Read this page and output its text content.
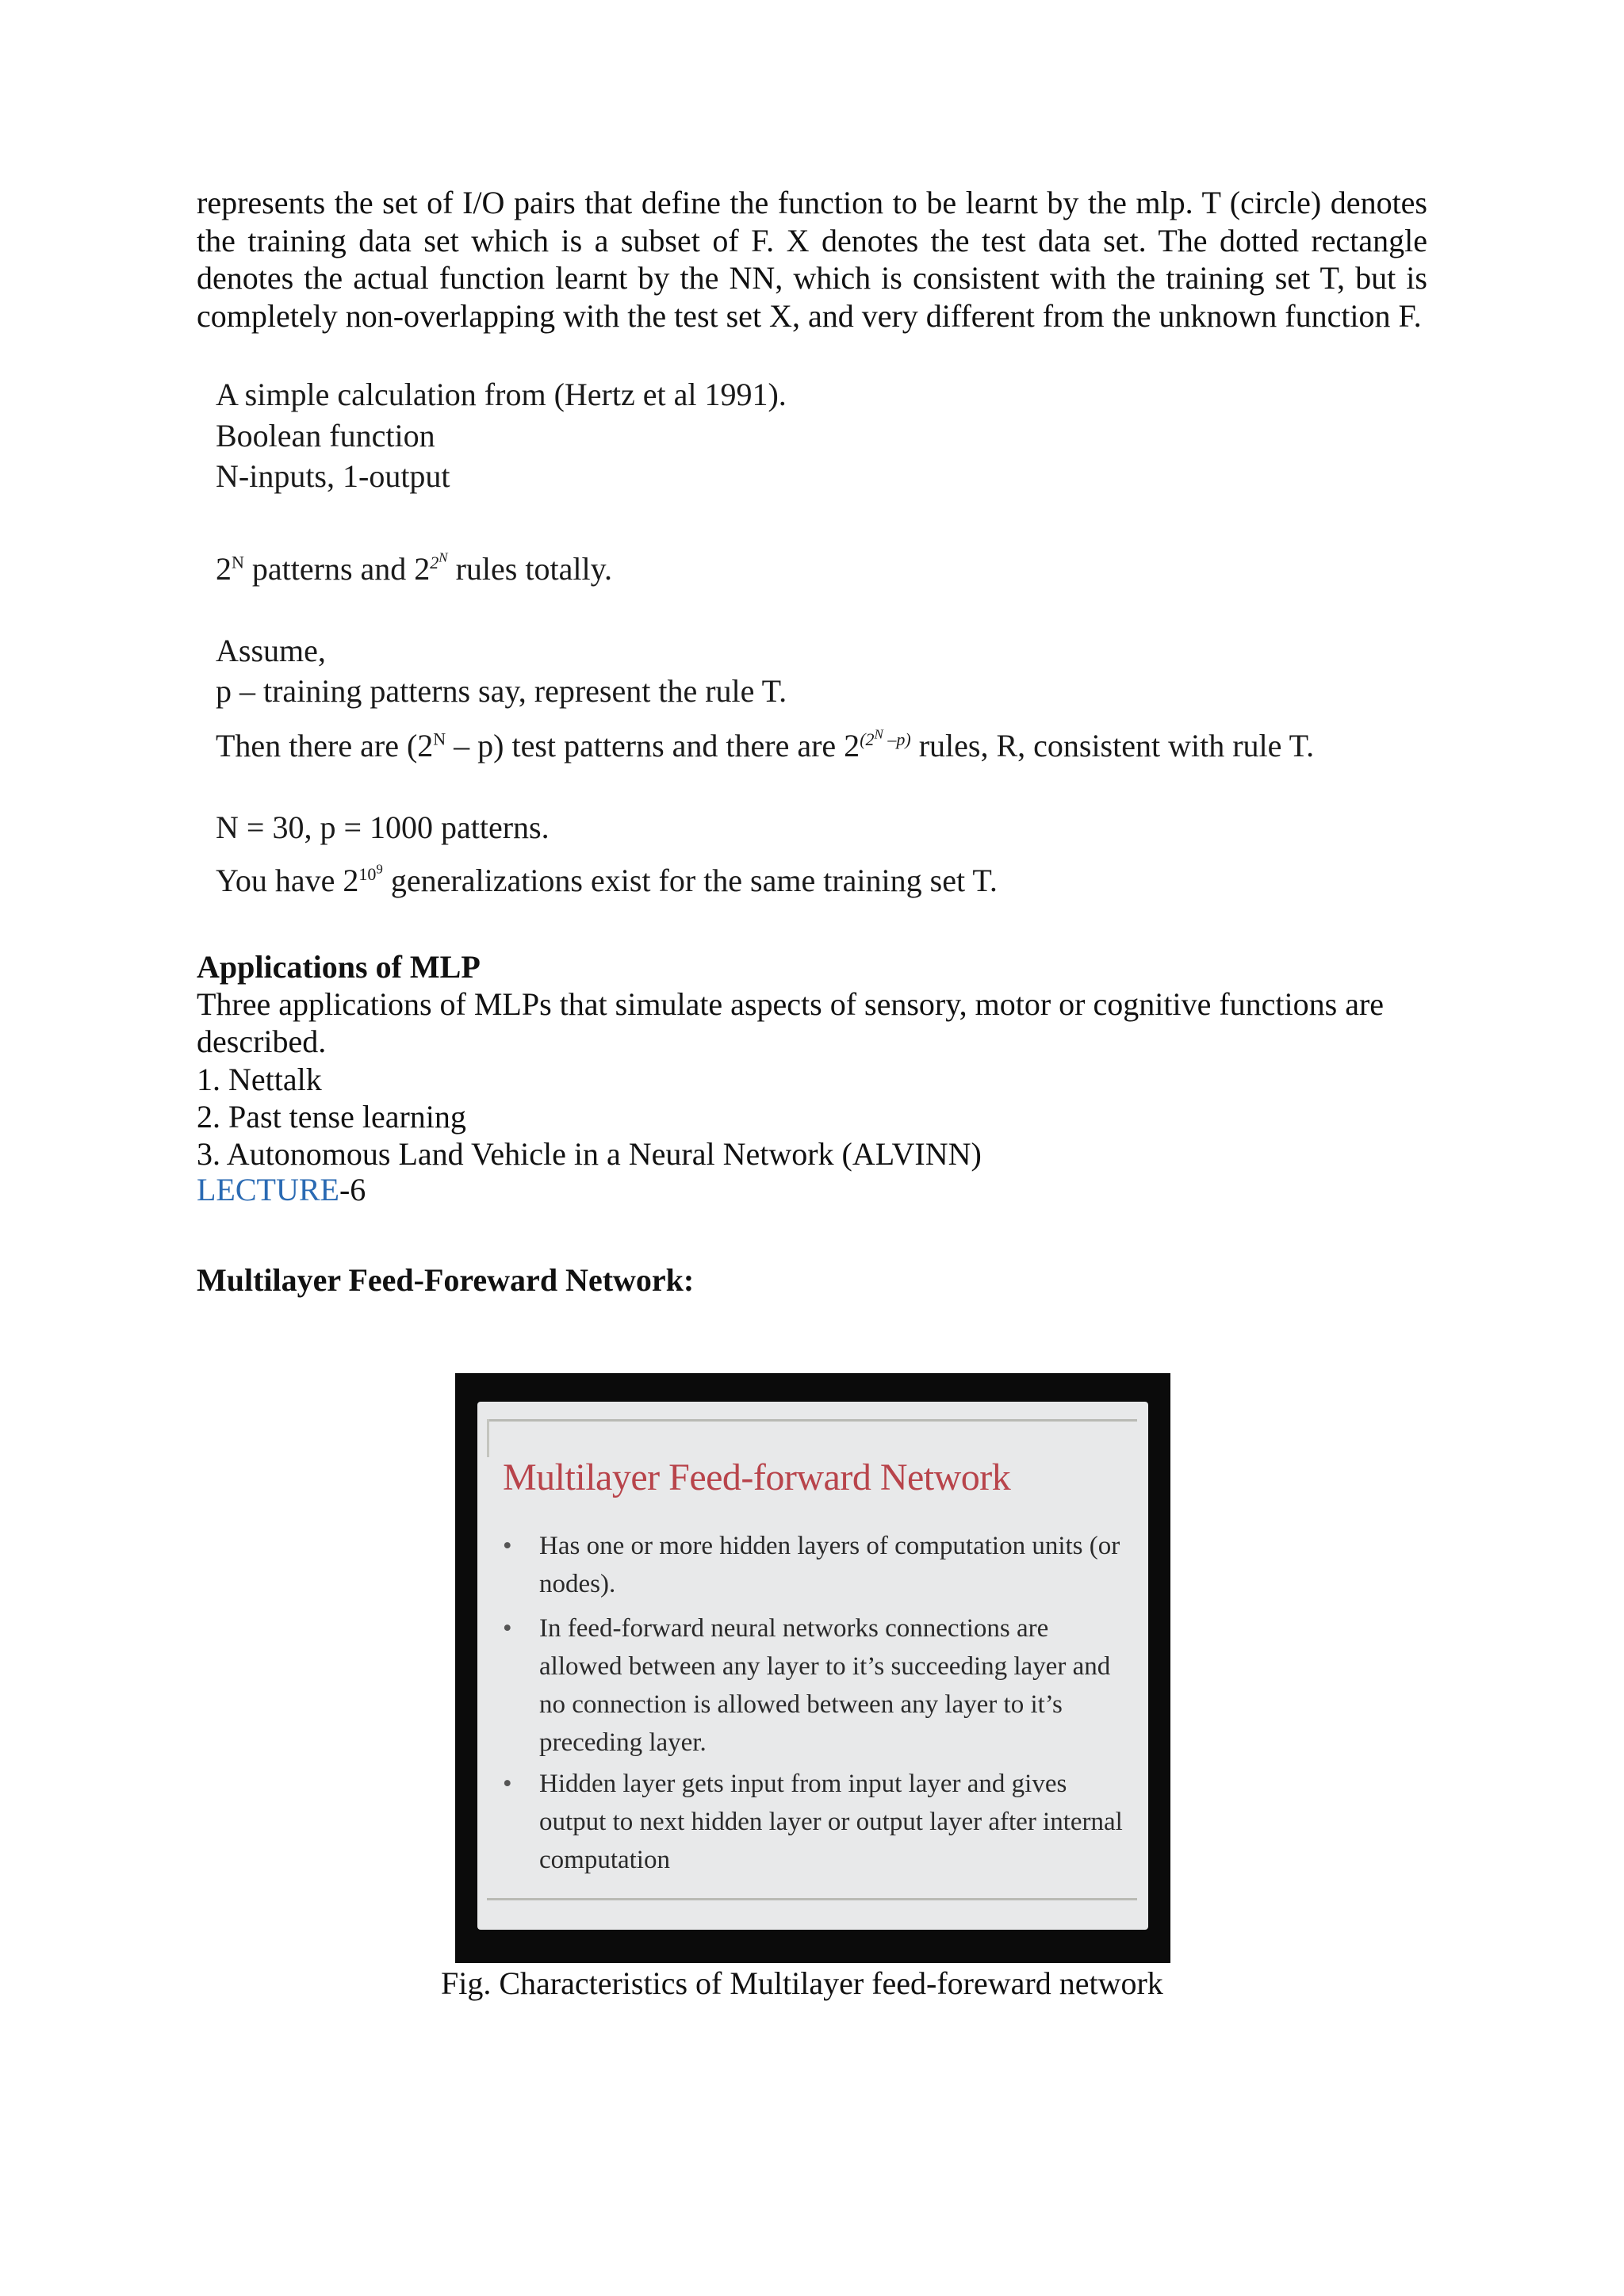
represents the set of I/O pairs that define the function to be learnt by the mlp. T (circle) denotes the training data set which is a subset of F. X denotes the test data set. The dotted rectangle denotes the actual function learnt by the NN, which is consistent with the training set T, but is completely non-overlapping with the test set X, and very different from the unknown function F.
A simple calculation from (Hertz et al 1991).
Boolean function
N-inputs, 1-output
$2^N$ patterns and $2^{2^N}$ rules totally.
Assume,
p – training patterns say, represent the rule T.
Then there are $(2^N - p)$ test patterns and there are $2^{(2^N -p)}$ rules, R, consistent with rule T.
N = 30, p = 1000 patterns.
You have $2^{10^9}$ generalizations exist for the same training set T.
Applications of MLP
Three applications of MLPs that simulate aspects of sensory, motor or cognitive functions are
described.
1. Nettalk
2. Past tense learning
3. Autonomous Land Vehicle in a Neural Network (ALVINN)
LECTURE-6
Multilayer Feed-Foreward Network:
Multilayer Feed-forward Network
• Has one or more hidden layers of computation units (or nodes).
• In feed-forward neural networks connections are allowed between any layer to it’s succeeding layer and no connection is allowed between any layer to it’s preceding layer.
• Hidden layer gets input from input layer and gives output to next hidden layer or output layer after internal computation
Fig. Characteristics of Multilayer feed-foreward network
